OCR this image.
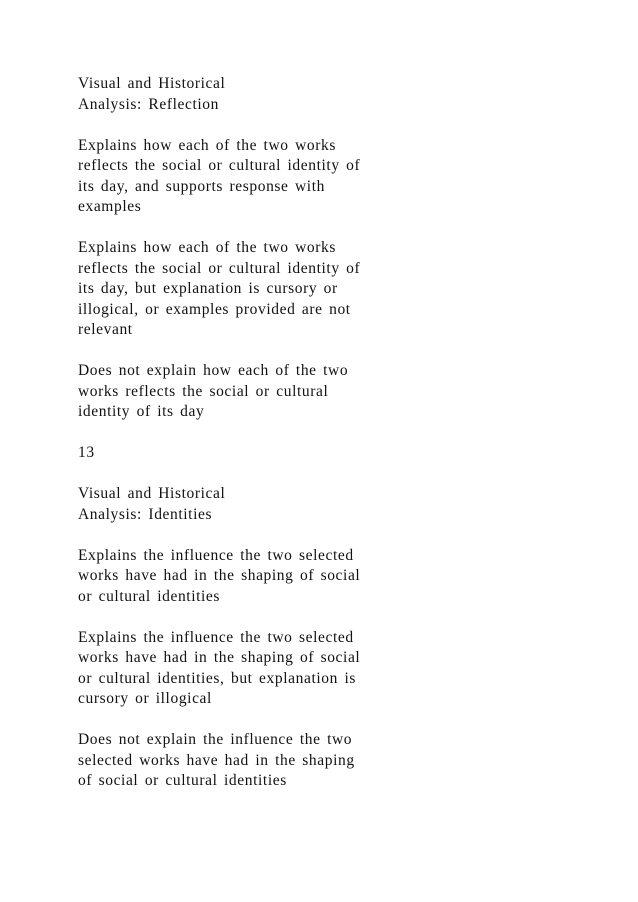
Visual and Historical
Analysis: Reflection

Explains how each of the two works
reflects the social or cultural identity of
its day, and supports response with
examples

Explains how each of the two works
reflects the social or cultural identity of
its day, but explanation is cursory or
illogical, or examples provided are not
relevant

Does not explain how each of the two
works reflects the social or cultural
identity of its day

13

Visual and Historical
Analysis: Identities

Explains the influence the two selected
works have had in the shaping of social
or cultural identities

Explains the influence the two selected
works have had in the shaping of social
or cultural identities, but explanation is
cursory or illogical

Does not explain the influence the two
selected works have had in the shaping
of social or cultural identities
